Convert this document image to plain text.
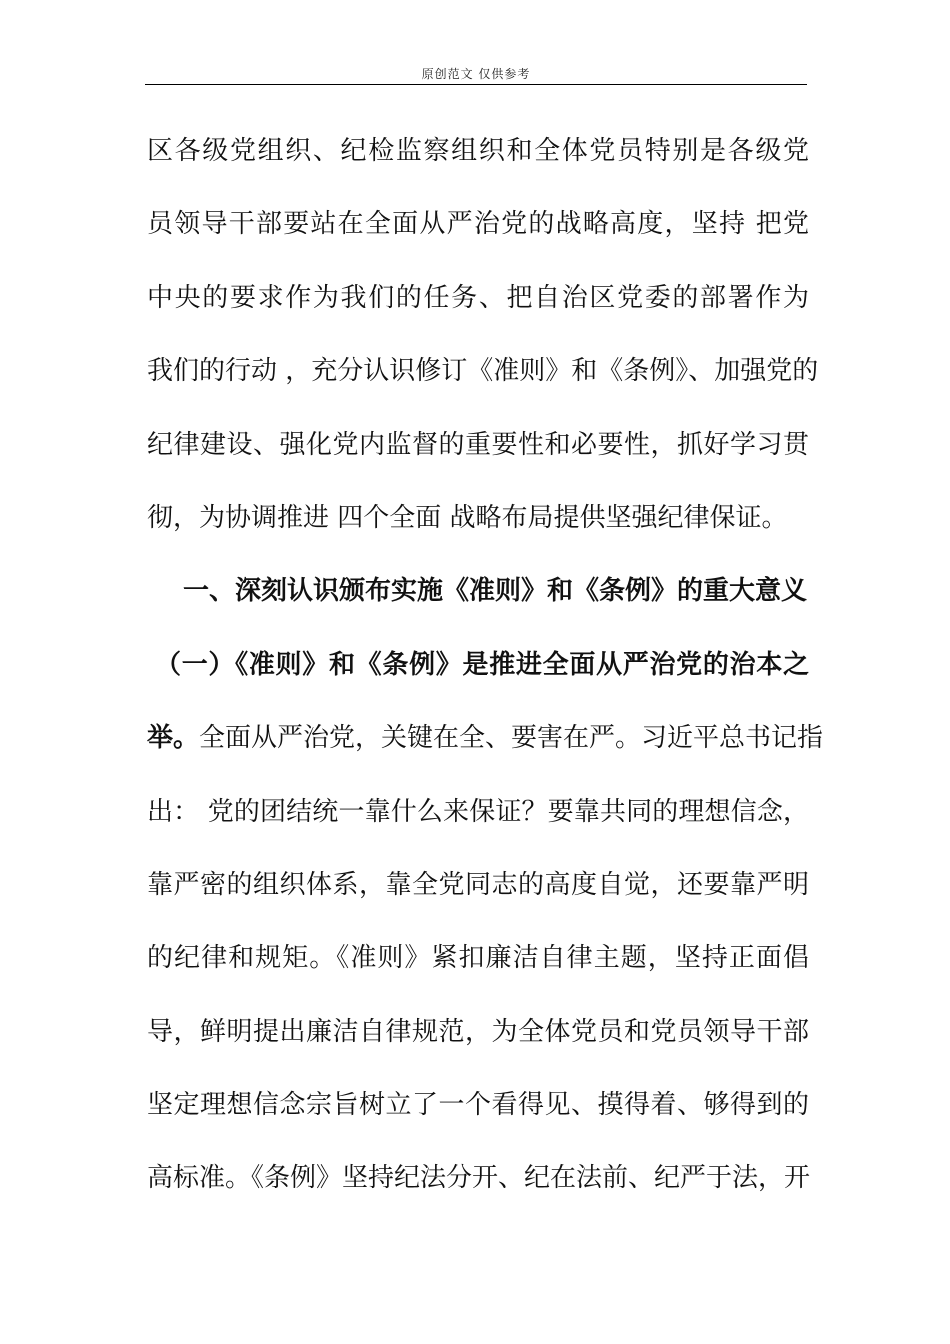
原创范文 仅供参考
区各级党组织、纪检监察组织和全体党员特别是各级党
员领导干部要站在全面从严治党的战略高度，坚持 把党
中央的要求作为我们的任务、把自治区党委的部署作为
我们的行动 ，充分认识修订《准则》和《条例》、加强党的
纪律建设、强化党内监督的重要性和必要性，抓好学习贯
彻，为协调推进 四个全面 战略布局提供坚强纪律保证。
一、深刻认识颁布实施《准则》和《条例》的重大意义
（一）《准则》和《条例》是推进全面从严治党的治本之
举。全面从严治党，关键在全、要害在严。习近平总书记指
出： 党的团结统一靠什么来保证？要靠共同的理想信念，
靠严密的组织体系，靠全党同志的高度自觉，还要靠严明
的纪律和规矩。《准则》紧扣廉洁自律主题，坚持正面倡
导，鲜明提出廉洁自律规范，为全体党员和党员领导干部
坚定理想信念宗旨树立了一个看得见、摸得着、够得到的
高标准。《条例》坚持纪法分开、纪在法前、纪严于法，开
